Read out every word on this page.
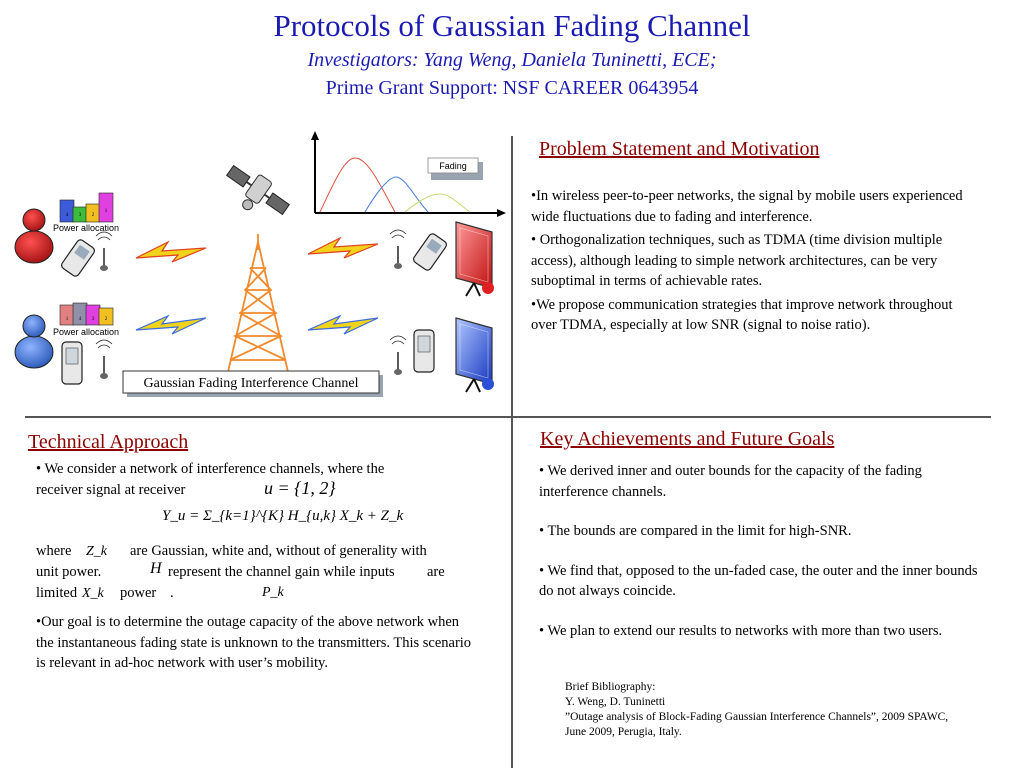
Protocols of Gaussian Fading Channel
Investigators: Yang Weng, Daniela Tuninetti, ECE;
Prime Grant Support: NSF CAREER 0643954
Fading
4 3 2
1
Power allocation
1 4 3 2
Power allocation
Gaussian Fading Interference Channel
Problem Statement and Motivation

•In wireless peer-to-peer networks, the signal by mobile users experienced wide fluctuations due to fading and interference.

• Orthogonalization techniques, such as TDMA (time division multiple access), although leading to simple network architectures, can be very suboptimal in terms of achievable rates.

•We propose communication strategies that improve network throughout over TDMA, especially at low SNR (signal to noise ratio).

Technical Approach
• We consider a network of interference channels, where the
receiver signal at receiver	u = {1, 2}
Y_u = Σ_{k=1}^{K} H_{u,k} X_k + Z_k
where Z_k are Gaussian, white and, without of generality with
unit power.	H represent the channel gain while inputs are
limited X_k power	P_k
.
•Our goal is to determine the outage capacity of the above network when the instantaneous fading state is unknown to the transmitters. This scenario is relevant in ad-hoc network with user’s mobility.
Key Achievements and Future Goals

• We derived inner and outer bounds for the capacity of the fading interference channels.

• The bounds are compared in the limit for high-SNR.

• We find that, opposed to the un-faded case, the outer and the inner bounds do not always coincide.

• We plan to extend our results to networks with more than two users.

Brief Bibliography:
Y. Weng, D. Tuninetti
”Outage analysis of Block-Fading Gaussian Interference Channels”, 2009 SPAWC,
June 2009, Perugia, Italy.
